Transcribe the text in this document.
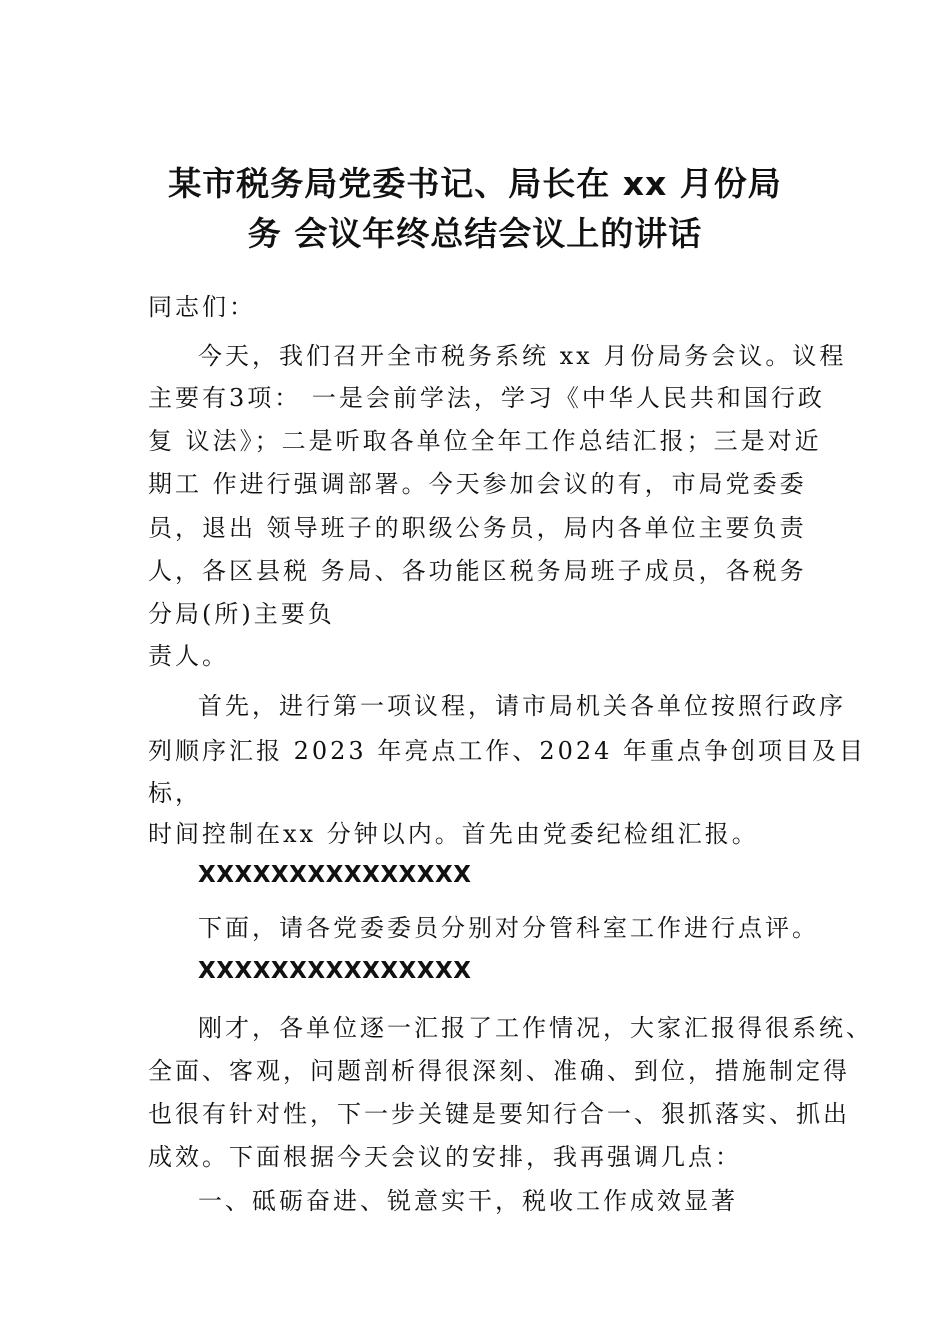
某市税务局党委书记、局长在 xx 月份局
务 会议年终总结会议上的讲话
同志们：
今天，我们召开全市税务系统 xx 月份局务会议。议程
主要有3项： 一是会前学法，学习《中华人民共和国行政
复 议法》；二是听取各单位全年工作总结汇报；三是对近
期工 作进行强调部署。今天参加会议的有，市局党委委
员，退出 领导班子的职级公务员，局内各单位主要负责
人，各区县税 务局、各功能区税务局班子成员，各税务
分局(所)主要负
责人。
首先，进行第一项议程，请市局机关各单位按照行政序
列顺序汇报 2023 年亮点工作、2024 年重点争创项目及目
标，
时间控制在xx 分钟以内。首先由党委纪检组汇报。
XXXXXXXXXXXXXXX
下面，请各党委委员分别对分管科室工作进行点评。
XXXXXXXXXXXXXXX
刚才，各单位逐一汇报了工作情况，大家汇报得很系统、
全面、客观，问题剖析得很深刻、准确、到位，措施制定得
也很有针对性，下一步关键是要知行合一、狠抓落实、抓出
成效。下面根据今天会议的安排，我再强调几点：
一、砥砺奋进、锐意实干，税收工作成效显著
